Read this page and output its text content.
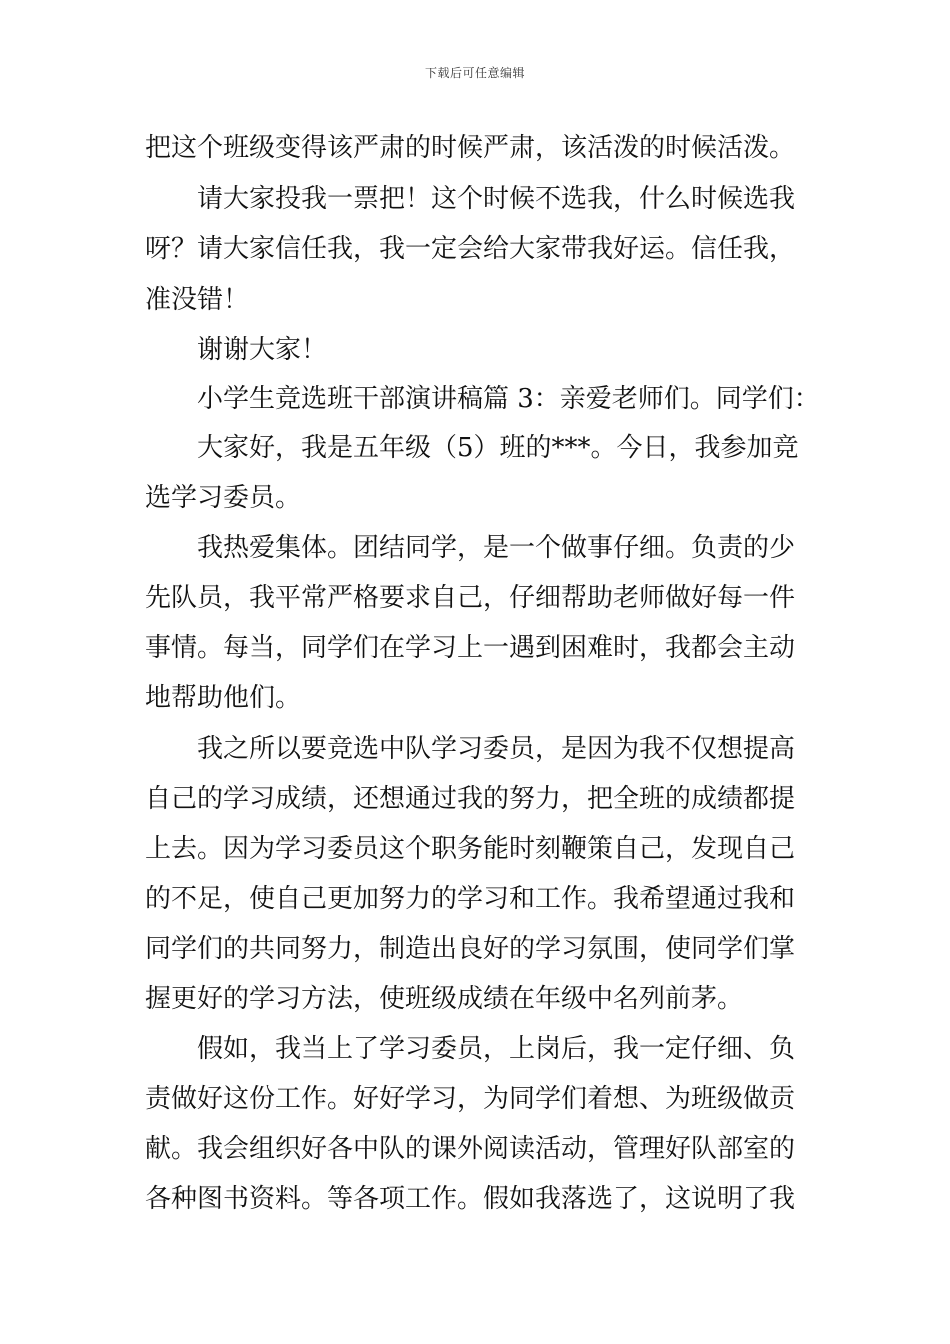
下载后可任意编辑
把这个班级变得该严肃的时候严肃，该活泼的时候活泼。
请大家投我一票把！这个时候不选我，什么时候选我
呀？请大家信任我，我一定会给大家带我好运。信任我，
准没错！
谢谢大家！
小学生竞选班干部演讲稿篇 3：亲爱老师们。同学们：
大家好，我是五年级（5）班的***。今日，我参加竞
选学习委员。
我热爱集体。团结同学，是一个做事仔细。负责的少
先队员，我平常严格要求自己，仔细帮助老师做好每一件
事情。每当，同学们在学习上一遇到困难时，我都会主动
地帮助他们。
我之所以要竞选中队学习委员，是因为我不仅想提高
自己的学习成绩，还想通过我的努力，把全班的成绩都提
上去。因为学习委员这个职务能时刻鞭策自己，发现自己
的不足，使自己更加努力的学习和工作。我希望通过我和
同学们的共同努力，制造出良好的学习氛围，使同学们掌
握更好的学习方法，使班级成绩在年级中名列前茅。
假如，我当上了学习委员，上岗后，我一定仔细、负
责做好这份工作。好好学习，为同学们着想、为班级做贡
献。我会组织好各中队的课外阅读活动，管理好队部室的
各种图书资料。等各项工作。假如我落选了，这说明了我
